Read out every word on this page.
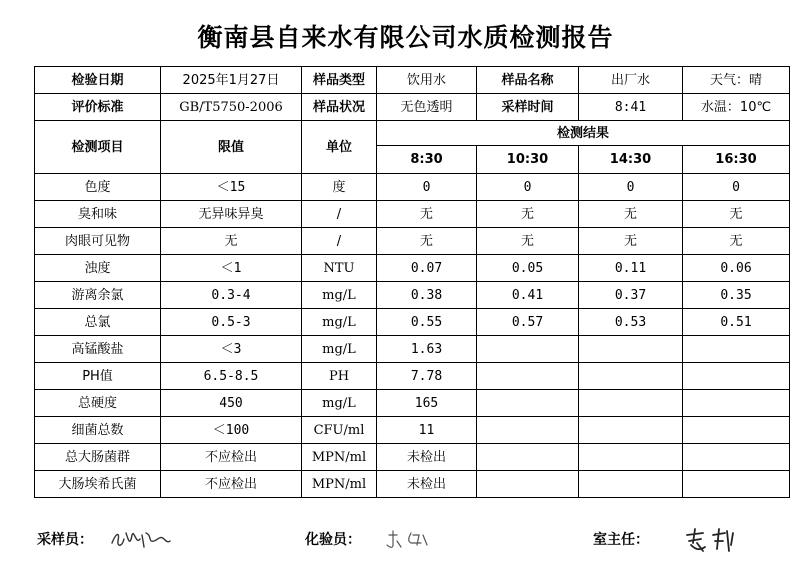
衡南县自来水有限公司水质检测报告
检验日期	2025年1月27日	样品类型	饮用水	样品名称	出厂水	天气：晴
评价标准	GB/T5750-2006	样品状况	无色透明	采样时间	8:41	水温：10℃
检测项目	限值	单位	检测结果			
			8:30	10:30	14:30	16:30
色度	＜15	度	0	0	0	0
臭和味	无异味异臭	/	无	无	无	无
肉眼可见物	无	/	无	无	无	无
浊度	＜1	NTU	0.07	0.05	0.11	0.06
游离余氯	0.3-4	mg/L	0.38	0.41	0.37	0.35
总氯	0.5-3	mg/L	0.55	0.57	0.53	0.51
高锰酸盐	＜3	mg/L	1.63			
PH值	6.5-8.5	PH	7.78			
总硬度	450	mg/L	165			
细菌总数	＜100	CFU/ml	11			
总大肠菌群	不应检出	MPN/ml	未检出			
大肠埃希氏菌	不应检出	MPN/ml	未检出			
采样员：	化验员：	室主任：
